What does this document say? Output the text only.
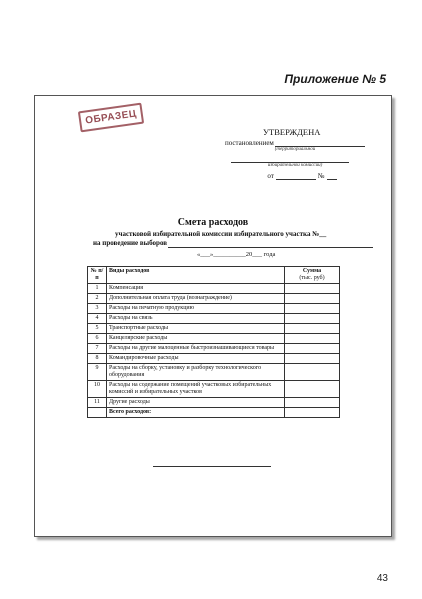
Приложение № 5
ОБРАЗЕЦ
УТВЕРЖДЕНА
постановлением
(территориальной
избирательной комиссии)
от	№
Смета расходов
участковой избирательной комиссии избирательного участка №__
на проведение выборов
«___»__________20___ года
№ п/п	Виды расходов	Сумма
(тыс. руб)

1	Компенсация	
2	Дополнительная оплата труда (вознаграждение)	
3	Расходы на печатную продукцию	
4	Расходы на связь	
5	Транспортные расходы	
6	Канцелярские расходы	
7	Расходы на другие малоценные быстроизнашивающиеся товары	
8	Командировочные расходы	
9	Расходы на сборку, установку и разборку технологического оборудования	
10	Расходы на содержание помещений участковых избирательных комиссий и избирательных участков	
11	Другие расходы	
	Всего расходов:	
43
